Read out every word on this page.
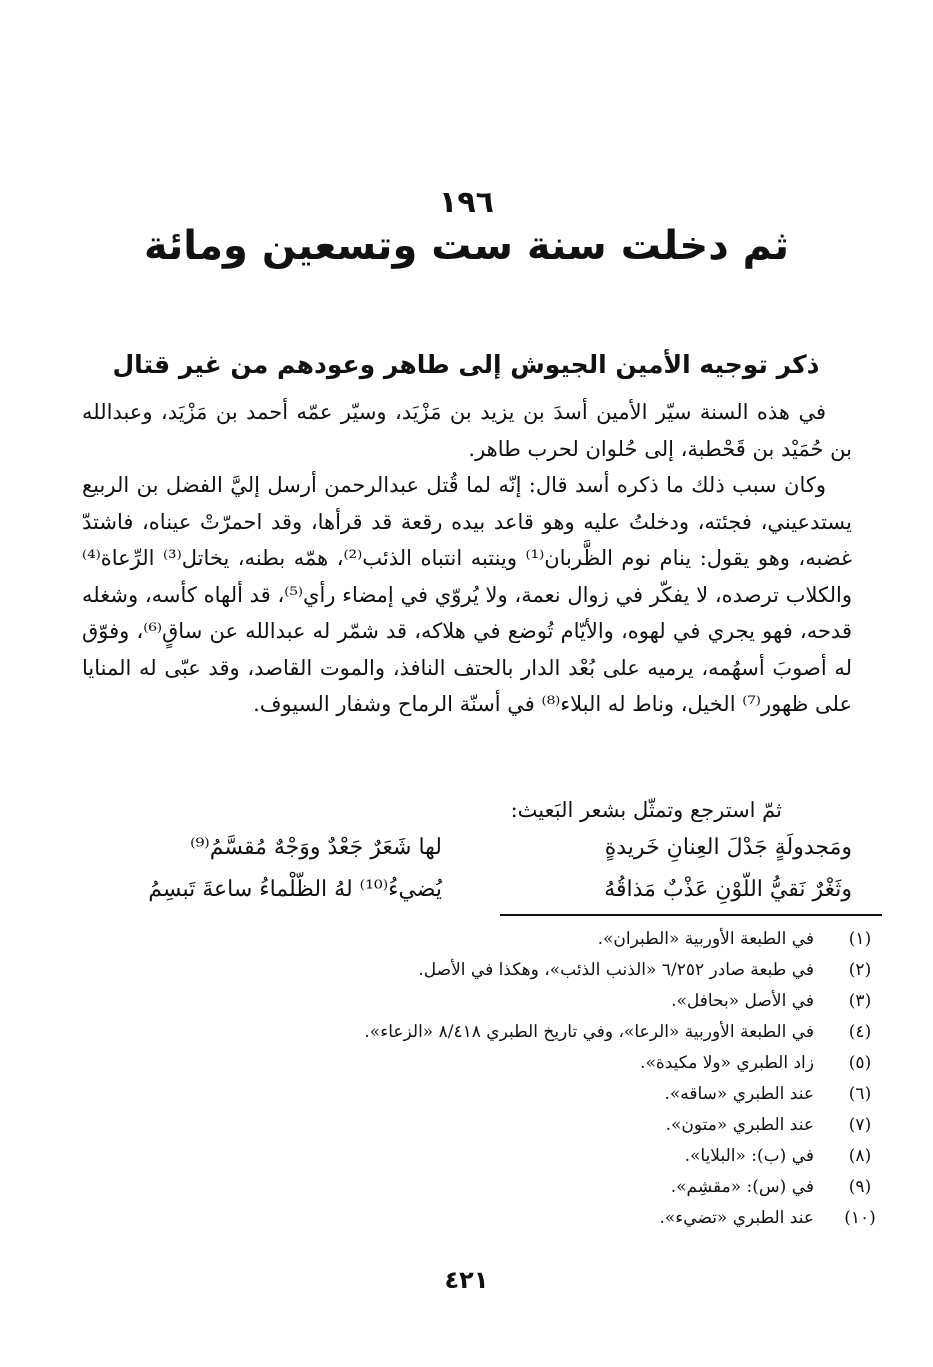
١٩٦
ثم دخلت سنة ست وتسعين ومائة
ذكر توجيه الأمين الجيوش إلى طاهر وعودهم من غير قتال

في هذه السنة سيّر الأمين أسدَ بن يزيد بن مَزْيَد، وسيّر عمّه أحمد بن مَزْيَد، وعبدالله بن حُمَيْد بن قَحْطبة، إلى حُلوان لحرب طاهر.

وكان سبب ذلك ما ذكره أسد قال: إنّه لما قُتل عبدالرحمن أرسل إليَّ الفضل بن الربيع يستدعيني، فجئته، ودخلتُ عليه وهو قاعد بيده رقعة قد قرأها، وقد احمرّتْ عيناه، فاشتدّ غضبه، وهو يقول: ينام نوم الظَّربان⁽¹⁾ وينتبه انتباه الذئب⁽²⁾، همّه بطنه، يخاتل⁽³⁾ الرِّعاة⁽⁴⁾ والكلاب ترصده، لا يفكّر في زوال نعمة، ولا يُروّي في إمضاء رأي⁽⁵⁾، قد ألهاه كأسه، وشغله قدحه، فهو يجري في لهوه، والأيّام تُوضع في هلاكه، قد شمّر له عبدالله عن ساقٍ⁽⁶⁾، وفوّق له أصوبَ أسهُمه، يرميه على بُعْد الدار بالحتف النافذ، والموت القاصد، وقد عبّى له المنايا على ظهور⁽⁷⁾ الخيل، وناط له البلاء⁽⁸⁾ في أسنّة الرماح وشفار السيوف.

ثمّ استرجع وتمثّل بشعر البَعيث:
ومَجدولَةٍ جَدْلَ العِنانِ خَريدةٍ
لها شَعَرٌ جَعْدٌ ووَجْهٌ مُقسَّمُ⁽⁹⁾
وثَغْرٌ نَقيُّ اللّوْنِ عَذْبٌ مَذاقُهُ
يُضيءُ⁽¹⁰⁾ لهُ الظّلْماءُ ساعةَ تَبسِمُ
(١)
في الطبعة الأوربية «الطبران».
(٢)
في طبعة صادر ٦/٢٥٢ «الذنب الذئب»، وهكذا في الأصل.
(٣)
في الأصل «بحافل».
(٤)
في الطبعة الأوربية «الرعا»، وفي تاريخ الطبري ٨/٤١٨ «الزعاء».
(٥)
زاد الطبري «ولا مكيدة».
(٦)
عند الطبري «ساقه».
(٧)
عند الطبري «متون».
(٨)
في (ب): «البلايا».
(٩)
في (س): «مقشِم».
(١٠)
عند الطبري «تضيء».
٤٢١
